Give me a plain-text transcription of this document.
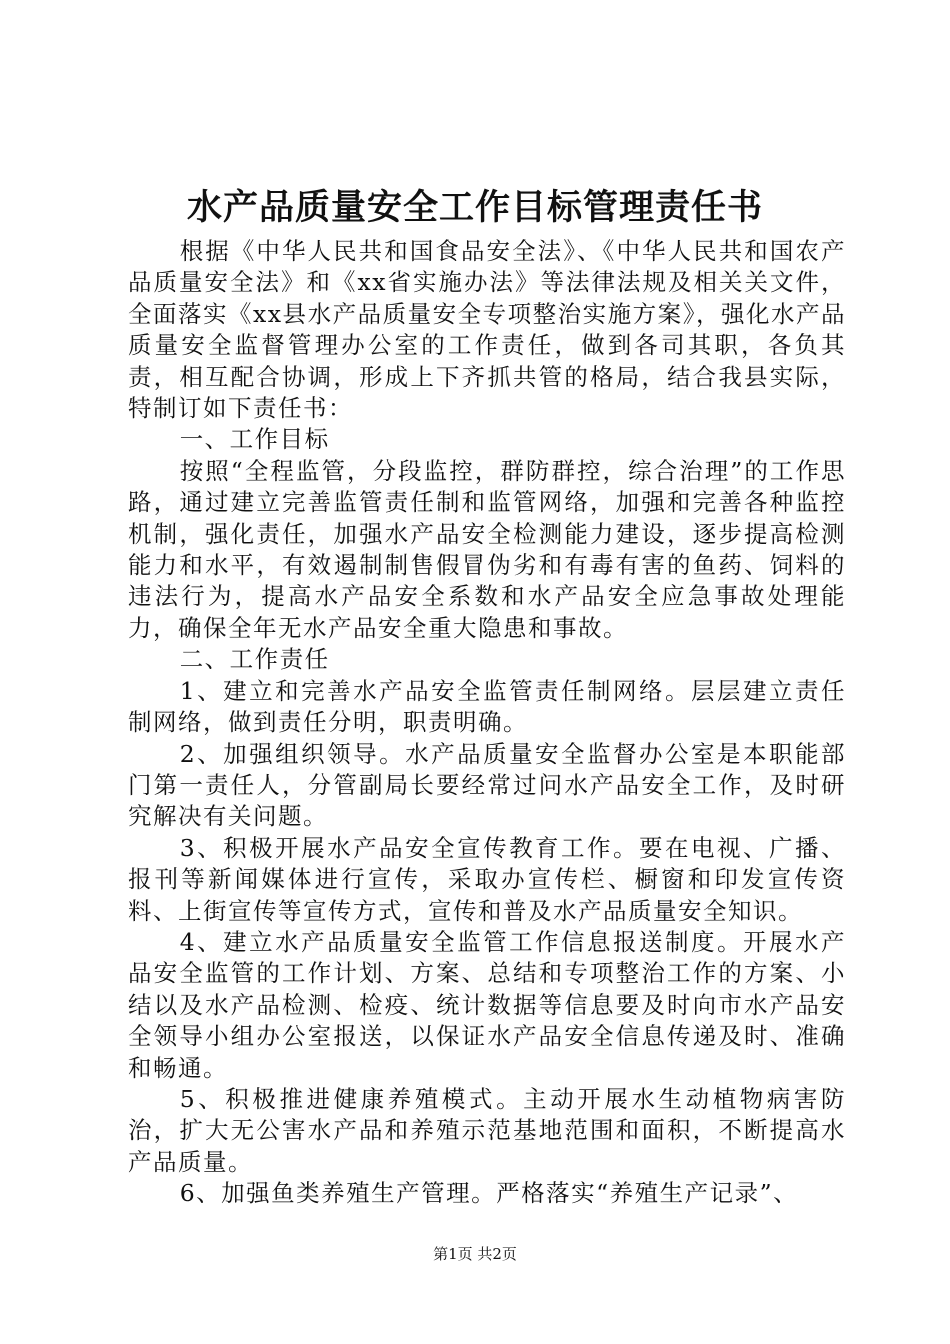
水产品质量安全工作目标管理责任书

根据《中华人民共和国食品安全法》、《中华人民共和国农产品质量安全法》和《xx省实施办法》等法律法规及相关关文件，全面落实《xx县水产品质量安全专项整治实施方案》，强化水产品质量安全监督管理办公室的工作责任，做到各司其职，各负其责，相互配合协调，形成上下齐抓共管的格局，结合我县实际，特制订如下责任书：

一、工作目标

按照“全程监管，分段监控，群防群控，综合治理”的工作思路，通过建立完善监管责任制和监管网络，加强和完善各种监控机制，强化责任，加强水产品安全检测能力建设，逐步提高检测能力和水平，有效遏制制售假冒伪劣和有毒有害的鱼药、饲料的违法行为，提高水产品安全系数和水产品安全应急事故处理能力，确保全年无水产品安全重大隐患和事故。

二、工作责任

1、建立和完善水产品安全监管责任制网络。层层建立责任制网络，做到责任分明，职责明确。

2、加强组织领导。水产品质量安全监督办公室是本职能部门第一责任人，分管副局长要经常过问水产品安全工作，及时研究解决有关问题。

3、积极开展水产品安全宣传教育工作。要在电视、广播、报刊等新闻媒体进行宣传，采取办宣传栏、橱窗和印发宣传资料、上街宣传等宣传方式，宣传和普及水产品质量安全知识。

4、建立水产品质量安全监管工作信息报送制度。开展水产品安全监管的工作计划、方案、总结和专项整治工作的方案、小结以及水产品检测、检疫、统计数据等信息要及时向市水产品安全领导小组办公室报送，以保证水产品安全信息传递及时、准确和畅通。

5、积极推进健康养殖模式。主动开展水生动植物病害防治，扩大无公害水产品和养殖示范基地范围和面积，不断提高水产品质量。

6、加强鱼类养殖生产管理。严格落实“养殖生产记录”、

第1页 共2页
